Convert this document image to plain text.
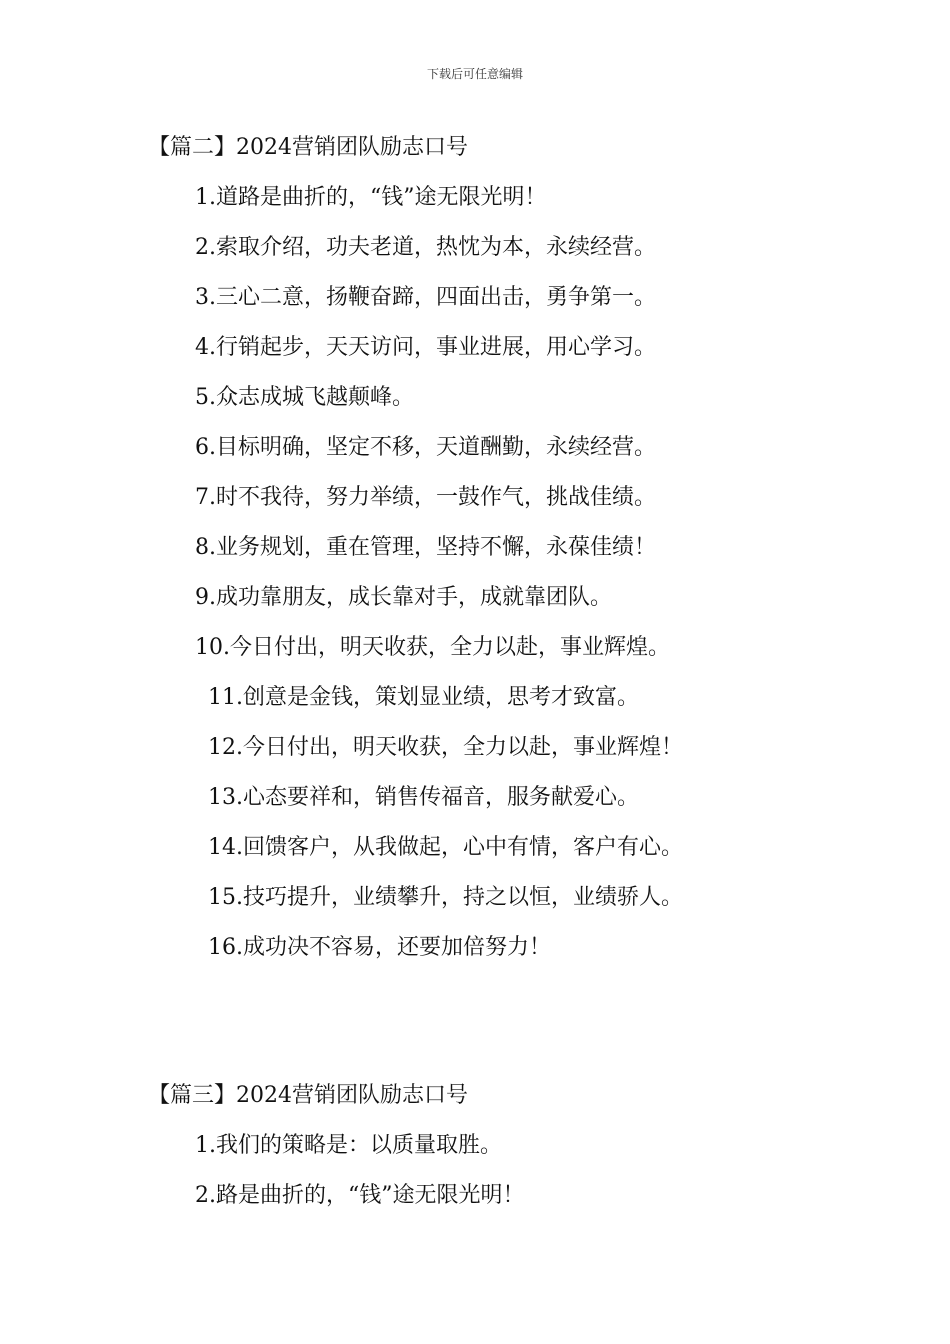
下载后可任意编辑
【篇二】2024营销团队励志口号
1.道路是曲折的，“钱”途无限光明！
2.索取介绍，功夫老道，热忱为本，永续经营。
3.三心二意，扬鞭奋蹄，四面出击，勇争第一。
4.行销起步，天天访问，事业进展，用心学习。
5.众志成城飞越颠峰。
6.目标明确，坚定不移，天道酬勤，永续经营。
7.时不我待，努力举绩，一鼓作气，挑战佳绩。
8.业务规划，重在管理，坚持不懈，永葆佳绩！
9.成功靠朋友，成长靠对手，成就靠团队。
10.今日付出，明天收获，全力以赴，事业辉煌。
11.创意是金钱，策划显业绩，思考才致富。
12.今日付出，明天收获，全力以赴，事业辉煌！
13.心态要祥和，销售传福音，服务献爱心。
14.回馈客户，从我做起，心中有情，客户有心。
15.技巧提升，业绩攀升，持之以恒，业绩骄人。
16.成功决不容易，还要加倍努力！
【篇三】2024营销团队励志口号
1.我们的策略是：以质量取胜。
2.路是曲折的，“钱”途无限光明！
